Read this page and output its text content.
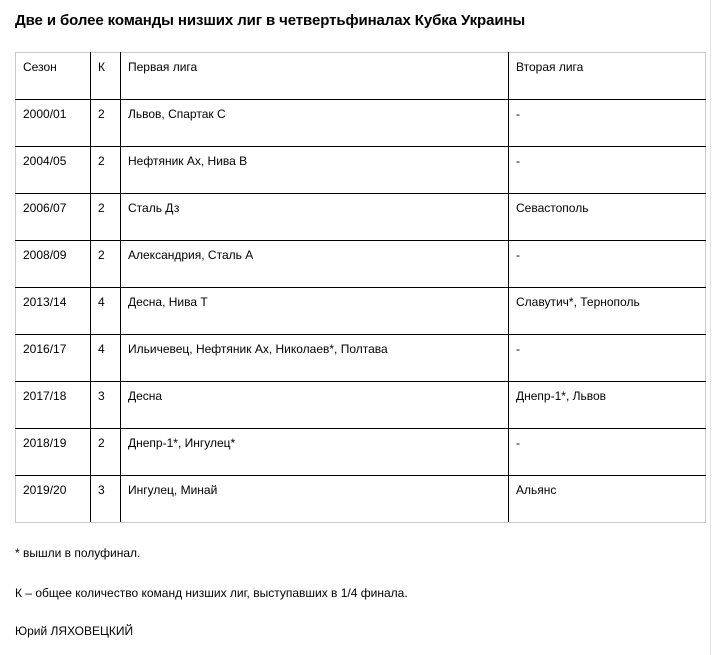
Две и более команды низших лиг в четвертьфиналах Кубка Украины
Сезон	К	Первая лига	Вторая лига
2000/01	2	Львов, Спартак С	-
2004/05	2	Нефтяник Ах, Нива В	-
2006/07	2	Сталь Дз	Севастополь
2008/09	2	Александрия, Сталь А	-
2013/14	4	Десна, Нива Т	Славутич*, Тернополь
2016/17	4	Ильичевец, Нефтяник Ах, Николаев*, Полтава	-
2017/18	3	Десна	Днепр-1*, Львов
2018/19	2	Днепр-1*, Ингулец*	-
2019/20	3	Ингулец, Минай	Альянс

* вышли в полуфинал.

К – общее количество команд низших лиг, выступавших в 1/4 финала.

Юрий ЛЯХОВЕЦКИЙ
